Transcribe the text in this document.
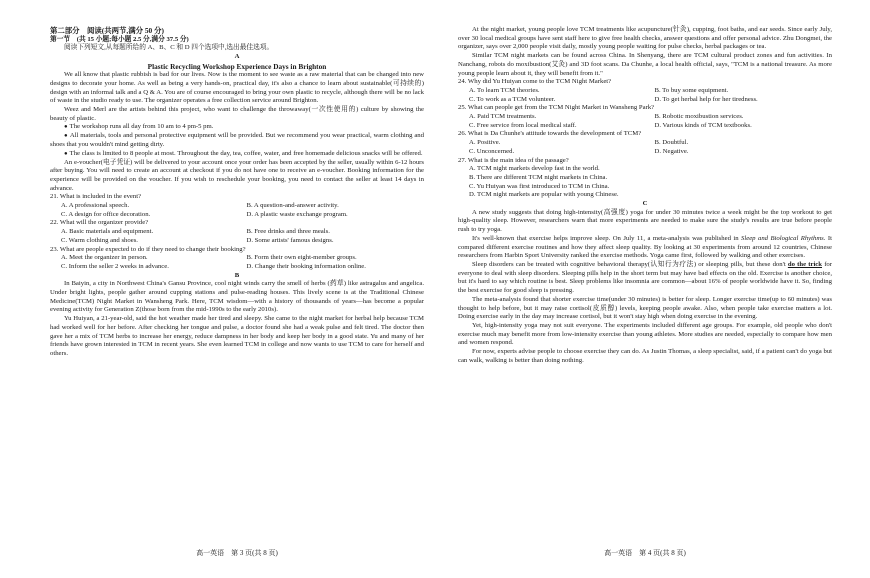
第二部分　阅读(共两节,满分 50 分)

第一节　(共 15 小题;每小题 2.5 分,满分 37.5 分)

阅读下列短文,从每题所给的 A、B、C 和 D 四个选项中,选出最佳选项。

A

Plastic Recycling Workshop Experience Days in Brighton

We all know that plastic rubbish is bad for our lives. Now is the moment to see waste as a raw material that can be changed into new designs to decorate your home. As well as being a very hands-on, practical day, it's also a chance to learn about sustainable(可持续的) design with an informal talk and a Q & A. You are of course encouraged to bring your own plastic to recycle, although there will be no lack of waste in the studio ready to use. The organizer operates a free collection service around Brighton.

Weez and Merl are the artists behind this project, who want to challenge the throwaway(一次性使用的) culture by showing the beauty of plastic.

● The workshop runs all day from 10 am to 4 pm-5 pm.

● All materials, tools and personal protective equipment will be provided. But we recommend you wear practical, warm clothing and shoes that you wouldn't mind getting dirty.

● The class is limited to 8 people at most. Throughout the day, tea, coffee, water, and free homemade delicious snacks will be offered.

An e-voucher(电子凭证) will be delivered to your account once your order has been accepted by the seller, usually within 6-12 hours after buying. You will need to create an account at checkout if you do not have one to receive an e-voucher. Booking information for the experience will be provided on the voucher. If you wish to reschedule your booking, you need to contact the seller at least 14 days in advance.

21. What is included in the event?

A. A professional speech.	B. A question-and-answer activity.
C. A design for office decoration.	D. A plastic waste exchange program.

22. What will the organizer provide?

A. Basic materials and equipment.	B. Free drinks and three meals.
C. Warm clothing and shoes.	D. Some artists' famous designs.

23. What are people expected to do if they need to change their booking?

A. Meet the organizer in person.	B. Form their own eight-member groups.
C. Inform the seller 2 weeks in advance.	D. Change their booking information online.

B

In Baiyin, a city in Northwest China's Gansu Province, cool night winds carry the smell of herbs (药草) like astragalus and angelica. Under bright lights, people gather around cupping stations and pulse-reading houses. This lively scene is at the Traditional Chinese Medicine(TCM) Night Market in Wansheng Park. Here, TCM wisdom—with a history of thousands of years—has become a popular evening activity for Generation Z(those born from the mid-1990s to the early 2010s).

Yu Huiyan, a 21-year-old, said the hot weather made her tired and sleepy. She came to the night market for herbal help because TCM had worked well for her before. After checking her tongue and pulse, a doctor found she had a weak pulse and felt tired. The doctor then gave her a mix of TCM herbs to increase her energy, reduce dampness in her body and keep her body in a good state. Yu and many of her friends have grown interested in TCM in recent years. She even learned TCM in college and now wants to use TCM to care for herself and others.

高一英语　第 3 页(共 8 页)

At the night market, young people love TCM treatments like acupuncture(针灸), cupping, foot baths, and ear seeds. Since early July, over 30 local medical groups have sent staff here to give free health checks, answer questions and offer personal advice. Zhu Dongmei, the organizer, says over 2,000 people visit daily, mostly young people waiting for pulse checks, herbal packages or tea.

Similar TCM night markets can be found across China. In Shenyang, there are TCM cultural product zones and fun activities. In Nanchang, robots do moxibustion(艾灸) and 3D foot scans. Da Chunhe, a local health official, says, "TCM is a national treasure. As more young people learn about it, they will benefit from it."

24. Why did Yu Huiyan come to the TCM Night Market?

A. To learn TCM theories.	B. To buy some equipment.
C. To work as a TCM volunteer.	D. To get herbal help for her tiredness.

25. What can people get from the TCM Night Market in Wansheng Park?

A. Paid TCM treatments.	B. Robotic moxibustion services.
C. Free service from local medical staff.	D. Various kinds of TCM textbooks.

26. What is Da Chunhe's attitude towards the development of TCM?

A. Positive.	B. Doubtful.
C. Unconcerned.	D. Negative.

27. What is the main idea of the passage?

A. TCM night markets develop fast in the world.
B. There are different TCM night markets in China.
C. Yu Huiyan was first introduced to TCM in China.
D. TCM night markets are popular with young Chinese.

C

A new study suggests that doing high-intensity(高强度) yoga for under 30 minutes twice a week might be the top workout to get high-quality sleep. However, researchers warn that more experiments are needed to make sure the study's results are true before people rush to try yoga.

It's well-known that exercise helps improve sleep. On July 11, a meta-analysis was published in Sleep and Biological Rhythms. It compared different exercise routines and how they affect sleep quality. By looking at 30 experiments from around 12 countries, Chinese researchers from Harbin Sport University ranked the exercise methods. Yoga came first, followed by walking and other exercises.

Sleep disorders can be treated with cognitive behavioral therapy(认知行为疗法) or sleeping pills, but these don't do the trick for everyone to deal with sleep disorders. Sleeping pills help in the short term but may have bad effects on the old. Exercise is another choice, but it's hard to say which routine is best. Sleep problems like insomnia are common—about 16% of people worldwide have it. So, finding the best exercise for good sleep is pressing.

The meta-analysis found that shorter exercise time(under 30 minutes) is better for sleep. Longer exercise time(up to 60 minutes) was thought to help before, but it may raise cortisol(皮质醇) levels, keeping people awake. Also, when people take exercise matters a lot. Doing exercise early in the day may increase cortisol, but it won't stay high when doing exercise in the evening.

Yet, high-intensity yoga may not suit everyone. The experiments included different age groups. For example, old people who don't exercise much may benefit more from low-intensity exercise than young athletes. More studies are needed, especially to compare how men and women respond.

For now, experts advise people to choose exercise they can do. As Justin Thomas, a sleep specialist, said, if a patient can't do yoga but can walk, walking is better than doing nothing.

高一英语　第 4 页(共 8 页)
